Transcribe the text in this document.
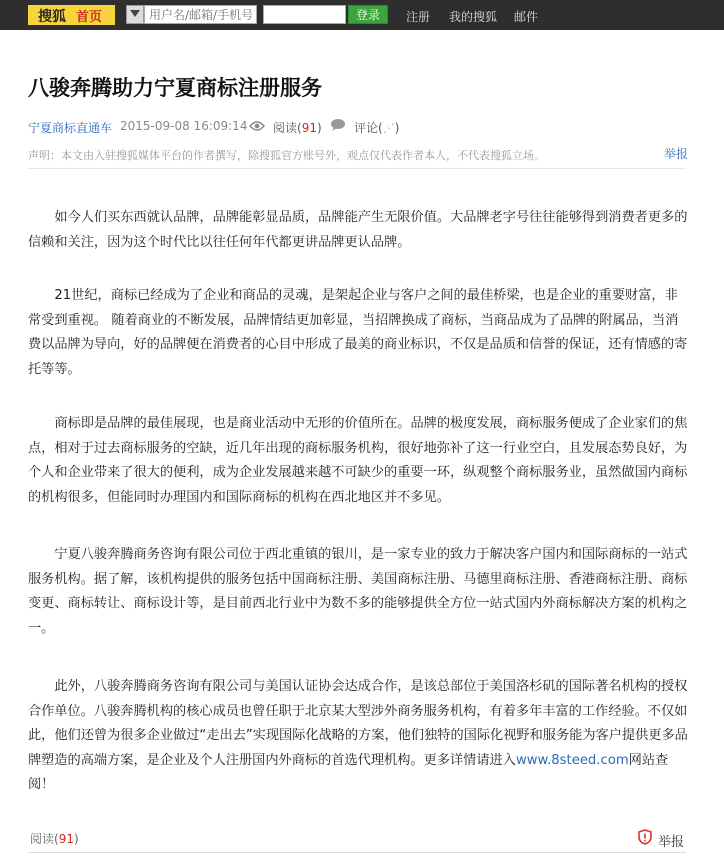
搜狐 首页
用户名/邮箱/手机号	登录	注册 我的搜狐 邮件
八骏奔腾助力宁夏商标注册服务
宁夏商标直通车 2015-09-08 16:09:14 阅读(91)	评论(⋰)
声明：本文由入驻搜狐媒体平台的作者撰写，除搜狐官方账号外，观点仅代表作者本人，不代表搜狐立场。	举报

如今人们买东西就认品牌，品牌能彰显品质，品牌能产生无限价值。大品牌老字号往往能够得到消费者更多的信赖和关注，因为这个时代比以往任何年代都更讲品牌更认品牌。

21世纪，商标已经成为了企业和商品的灵魂，是架起企业与客户之间的最佳桥梁，也是企业的重要财富，非常受到重视。 随着商业的不断发展，品牌情结更加彰显，当招牌换成了商标，当商品成为了品牌的附属品，当消费以品牌为导向，好的品牌便在消费者的心目中形成了最美的商业标识，不仅是品质和信誉的保证，还有情感的寄托等等。

商标即是品牌的最佳展现，也是商业活动中无形的价值所在。品牌的极度发展，商标服务便成了企业家们的焦点，相对于过去商标服务的空缺，近几年出现的商标服务机构，很好地弥补了这一行业空白，且发展态势良好，为个人和企业带来了很大的便利，成为企业发展越来越不可缺少的重要一环，纵观整个商标服务业，虽然做国内商标的机构很多，但能同时办理国内和国际商标的机构在西北地区并不多见。

宁夏八骏奔腾商务咨询有限公司位于西北重镇的银川，是一家专业的致力于解决客户国内和国际商标的一站式服务机构。据了解，该机构提供的服务包括中国商标注册、美国商标注册、马德里商标注册、香港商标注册、商标变更、商标转让、商标设计等，是目前西北行业中为数不多的能够提供全方位一站式国内外商标解决方案的机构之一。

此外，八骏奔腾商务咨询有限公司与美国认证协会达成合作，是该总部位于美国洛杉矶的国际著名机构的授权合作单位。八骏奔腾机构的核心成员也曾任职于北京某大型涉外商务服务机构，有着多年丰富的工作经验。不仅如此，他们还曾为很多企业做过“走出去”实现国际化战略的方案，他们独特的国际化视野和服务能为客户提供更多品牌塑造的高端方案，是企业及个人注册国内外商标的首选代理机构。更多详情请进入www.8steed.com网站查阅！

阅读(91)	举报
